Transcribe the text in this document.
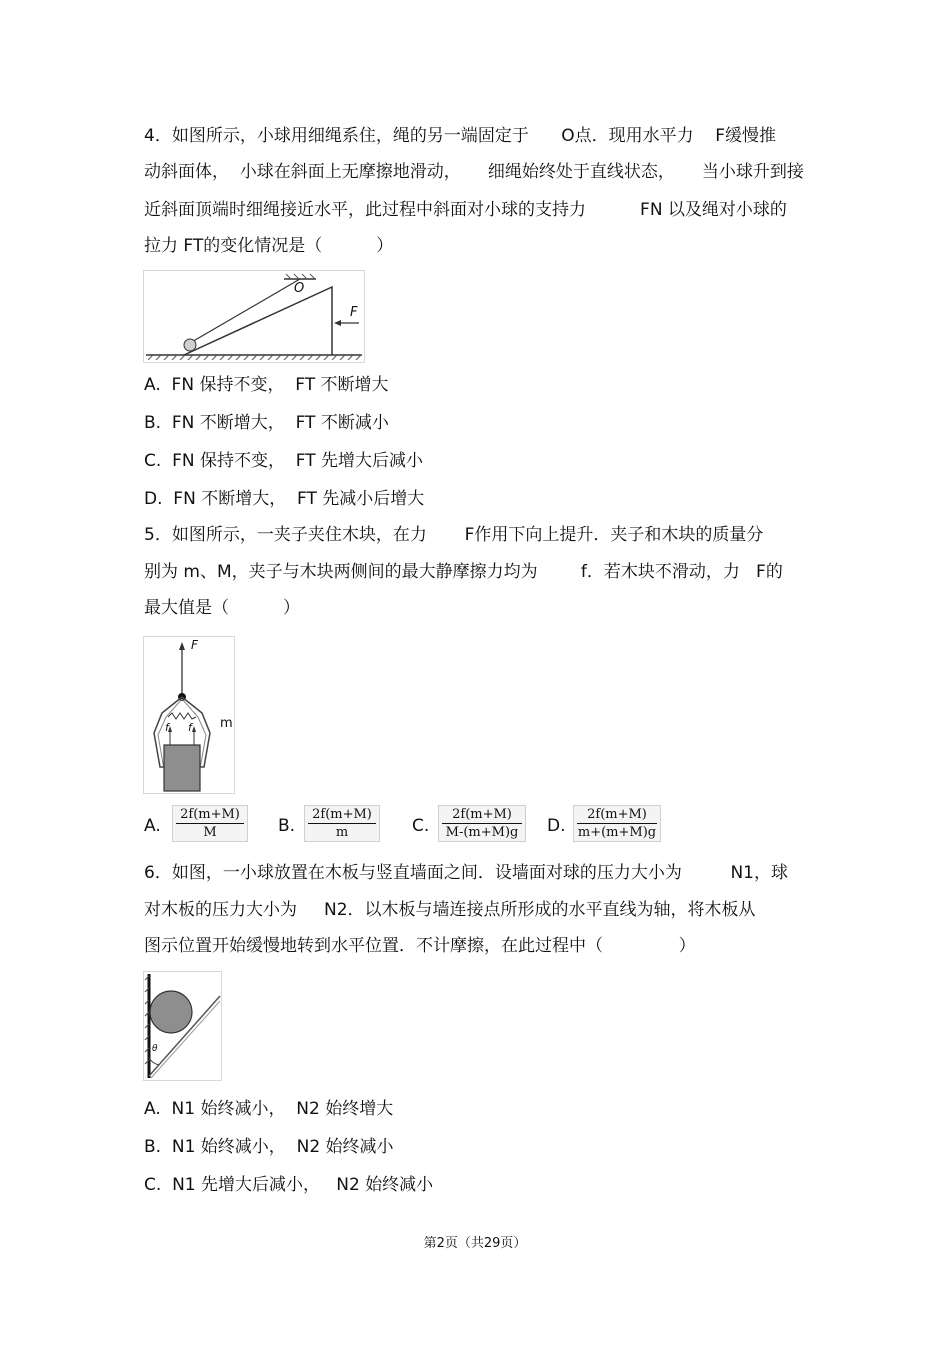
4．如图所示，小球用细绳系住，绳的另一端固定于      O点．现用水平力    F缓慢推
动斜面体，  小球在斜面上无摩擦地滑动，     细绳始终处于直线状态，     当小球升到接
近斜面顶端时细绳接近水平，此过程中斜面对小球的支持力          FN 以及绳对小球的
拉力 FT的变化情况是（          ）
O
F
A.  FN 保持不变，  FT 不断增大
B.  FN 不断增大，  FT 不断减小
C.  FN 保持不变，  FT 先增大后减小
D.  FN 不断增大，  FT 先减小后增大
5．如图所示，一夹子夹住木块，在力       F作用下向上提升．夹子和木块的质量分
别为 m、M，夹子与木块两侧间的最大静摩擦力均为        f．若木块不滑动，力   F的
最大值是（          ）
F
m
f f
A. $\frac{2f(m+M)}{M} B$. $\frac{2f(m+M)}{m} C$. $\frac{2f(m+M)}{M-(m+M)g} D$. $\frac{2f(m+M)}{m+(m+M)g}$
6．如图，一小球放置在木板与竖直墙面之间．设墙面对球的压力大小为         N1，球
对木板的压力大小为     N2．以木板与墙连接点所形成的水平直线为轴，将木板从
图示位置开始缓慢地转到水平位置．不计摩擦，在此过程中（              ）
θ
A.  N1 始终减小，  N2 始终增大
B.  N1 始终减小，  N2 始终减小
C.  N1 先增大后减小，   N2 始终减小
第2页（共29页）
